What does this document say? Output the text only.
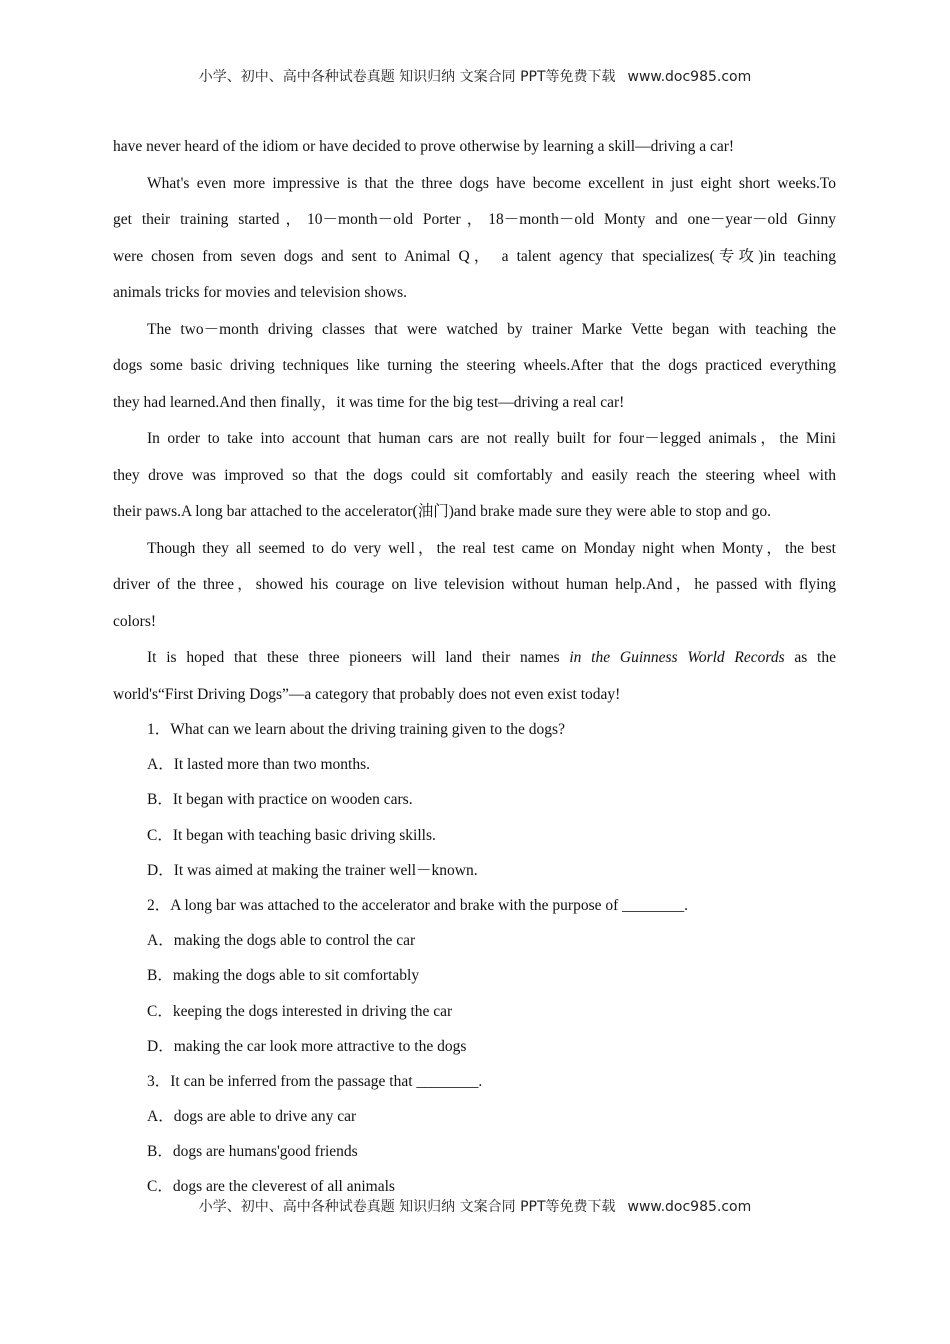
小学、初中、高中各种试卷真题 知识归纳 文案合同 PPT等免费下载 www.doc985.com
have never heard of the idiom or have decided to prove otherwise by learning a skill—driving a car!
What's even more impressive is that the three dogs have become excellent in just eight short weeks.To
get their training started，10－month－old Porter，18－month－old Monty and one－year－old Ginny
were chosen from seven dogs and sent to Animal Q， a talent agency that specializes(专攻)in teaching
animals tricks for movies and television shows.
The two－month driving classes that were watched by trainer Marke Vette began with teaching the
dogs some basic driving techniques like turning the steering wheels.After that the dogs practiced everything
they had learned.And then finally，it was time for the big test—driving a real car!
In order to take into account that human cars are not really built for four－legged animals，the Mini
they drove was improved so that the dogs could sit comfortably and easily reach the steering wheel with
their paws.A long bar attached to the accelerator(油门)and brake made sure they were able to stop and go.
Though they all seemed to do very well，the real test came on Monday night when Monty，the best
driver of the three，showed his courage on live television without human help.And，he passed with flying
colors!
It is hoped that these three pioneers will land their names in the Guinness World Records as the
world's“First Driving Dogs”—a category that probably does not even exist today!
1．What can we learn about the driving training given to the dogs?
A．It lasted more than two months.
B．It began with practice on wooden cars.
C．It began with teaching basic driving skills.
D．It was aimed at making the trainer well－known.
2．A long bar was attached to the accelerator and brake with the purpose of ________.
A．making the dogs able to control the car
B．making the dogs able to sit comfortably
C．keeping the dogs interested in driving the car
D．making the car look more attractive to the dogs
3．It can be inferred from the passage that ________.
A．dogs are able to drive any car
B．dogs are humans'good friends
C．dogs are the cleverest of all animals
小学、初中、高中各种试卷真题 知识归纳 文案合同 PPT等免费下载 www.doc985.com
